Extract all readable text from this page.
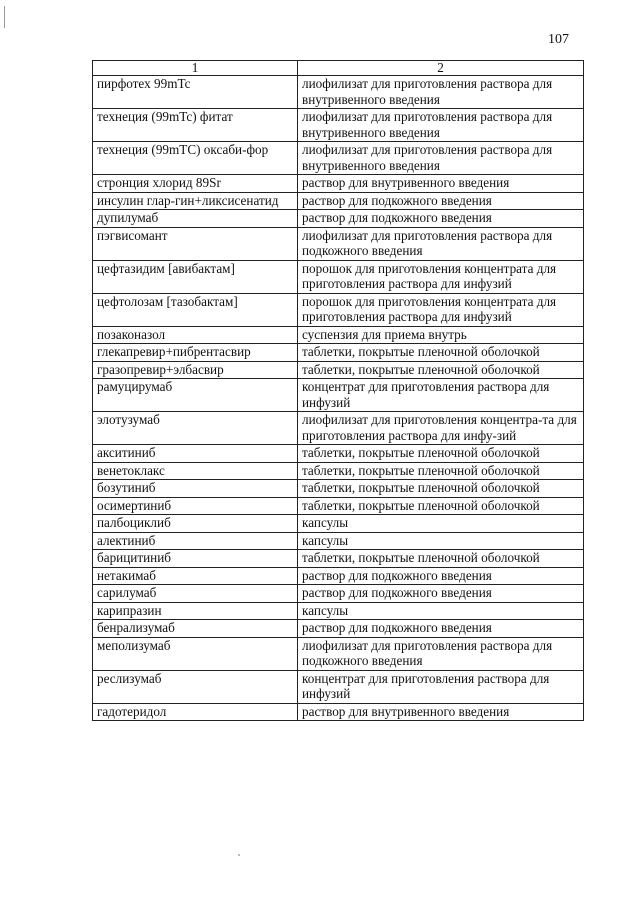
107
1	2
пирфотех 99mTc	лиофилизат для приготовления раствора для внутривенного введения
технеция (99mTc) фитат	лиофилизат для приготовления раствора для внутривенного введения
технеция (99mTC) оксаби-фор	лиофилизат для приготовления раствора для внутривенного введения
стронция хлорид 89Sr	раствор для внутривенного введения
инсулин глар-гин+ликсисенатид	раствор для подкожного введения
дупилумаб	раствор для подкожного введения
пэгвисомант	лиофилизат для приготовления раствора для подкожного введения
цефтазидим [авибактам]	порошок для приготовления концентрата для приготовления раствора для инфузий
цефтолозам [тазобактам]	порошок для приготовления концентрата для приготовления раствора для инфузий
позаконазол	суспензия для приема внутрь
глекапревир+пибрентасвир	таблетки, покрытые пленочной оболочкой
гразопревир+элбасвир	таблетки, покрытые пленочной оболочкой
рамуцирумаб	концентрат для приготовления раствора для инфузий
элотузумаб	лиофилизат для приготовления концентра-та для приготовления раствора для инфу-зий
акситиниб	таблетки, покрытые пленочной оболочкой
венетоклакс	таблетки, покрытые пленочной оболочкой
бозутиниб	таблетки, покрытые пленочной оболочкой
осимертиниб	таблетки, покрытые пленочной оболочкой
палбоциклиб	капсулы
алектиниб	капсулы
барицитиниб	таблетки, покрытые пленочной оболочкой
нетакимаб	раствор для подкожного введения
сарилумаб	раствор для подкожного введения
карипразин	капсулы
бенрализумаб	раствор для подкожного введения
меполизумаб	лиофилизат для приготовления раствора для подкожного введения
реслизумаб	концентрат для приготовления раствора для инфузий
гадотеридол	раствор для внутривенного введения
